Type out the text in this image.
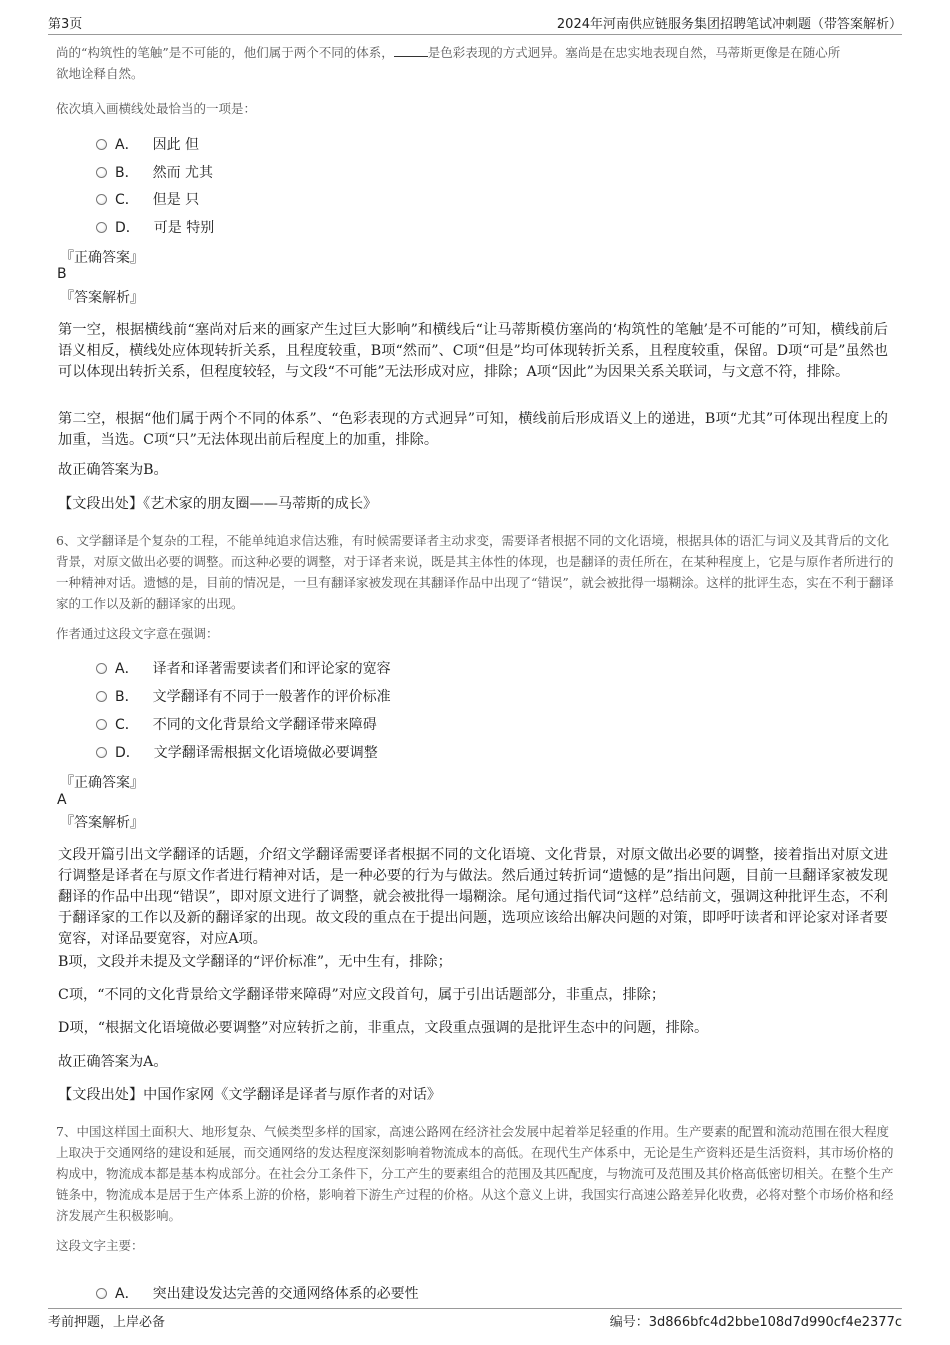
第3页	2024年河南供应链服务集团招聘笔试冲刺题（带答案解析）

尚的“构筑性的笔触”是不可能的，他们属于两个不同的体系，	是色彩表现的方式迥异。塞尚是在忠实地表现自然，马蒂斯更像是在随心所
欲地诠释自然。

依次填入画横线处最恰当的一项是：

A． 因此 但
B． 然而 尤其
C． 但是 只
D． 可是 特别
『正确答案』
B
『答案解析』

第一空，根据横线前“塞尚对后来的画家产生过巨大影响”和横线后“让马蒂斯模仿塞尚的‘构筑性的笔触’是不可能的”可知，横线前后语义相反，横线处应体现转折关系，且程度较重，B项“然而”、C项“但是”均可体现转折关系，且程度较重，保留。D项“可是”虽然也可以体现出转折关系，但程度较轻，与文段“不可能”无法形成对应，排除；A项“因此”为因果关系关联词，与文意不符，排除。

第二空，根据“他们属于两个不同的体系”、“色彩表现的方式迥异”可知，横线前后形成语义上的递进，B项“尤其”可体现出程度上的加重，当选。C项“只”无法体现出前后程度上的加重，排除。

故正确答案为B。

【文段出处】《艺术家的朋友圈——马蒂斯的成长》

6、文学翻译是个复杂的工程，不能单纯追求信达雅，有时候需要译者主动求变，需要译者根据不同的文化语境，根据具体的语汇与词义及其背后的文化背景，对原文做出必要的调整。而这种必要的调整，对于译者来说，既是其主体性的体现，也是翻译的责任所在，在某种程度上，它是与原作者所进行的一种精神对话。遗憾的是，目前的情况是，一旦有翻译家被发现在其翻译作品中出现了“错误”，就会被批得一塌糊涂。这样的批评生态，实在不利于翻译家的工作以及新的翻译家的出现。

作者通过这段文字意在强调：

A． 译者和译著需要读者们和评论家的宽容
B． 文学翻译有不同于一般著作的评价标准
C． 不同的文化背景给文学翻译带来障碍
D． 文学翻译需根据文化语境做必要调整
『正确答案』
A
『答案解析』

文段开篇引出文学翻译的话题，介绍文学翻译需要译者根据不同的文化语境、文化背景，对原文做出必要的调整，接着指出对原文进行调整是译者在与原文作者进行精神对话，是一种必要的行为与做法。然后通过转折词“遗憾的是”指出问题，目前一旦翻译家被发现翻译的作品中出现“错误”，即对原文进行了调整，就会被批得一塌糊涂。尾句通过指代词“这样”总结前文，强调这种批评生态，不利于翻译家的工作以及新的翻译家的出现。故文段的重点在于提出问题，选项应该给出解决问题的对策，即呼吁读者和评论家对译者要宽容，对译品要宽容，对应A项。

B项，文段并未提及文学翻译的“评价标准”，无中生有，排除；

C项，“不同的文化背景给文学翻译带来障碍”对应文段首句，属于引出话题部分，非重点，排除；

D项，“根据文化语境做必要调整”对应转折之前，非重点，文段重点强调的是批评生态中的问题，排除。

故正确答案为A。

【文段出处】中国作家网《文学翻译是译者与原作者的对话》

7、中国这样国土面积大、地形复杂、气候类型多样的国家，高速公路网在经济社会发展中起着举足轻重的作用。生产要素的配置和流动范围在很大程度上取决于交通网络的建设和延展，而交通网络的发达程度深刻影响着物流成本的高低。在现代生产体系中，无论是生产资料还是生活资料，其市场价格的构成中，物流成本都是基本构成部分。在社会分工条件下，分工产生的要素组合的范围及其匹配度，与物流可及范围及其价格高低密切相关。在整个生产链条中，物流成本是居于生产体系上游的价格，影响着下游生产过程的价格。从这个意义上讲，我国实行高速公路差异化收费，必将对整个市场价格和经济发展产生积极影响。

这段文字主要：

A． 突出建设发达完善的交通网络体系的必要性
考前押题，上岸必备	编号：3d866bfc4d2bbe108d7d990cf4e2377c
